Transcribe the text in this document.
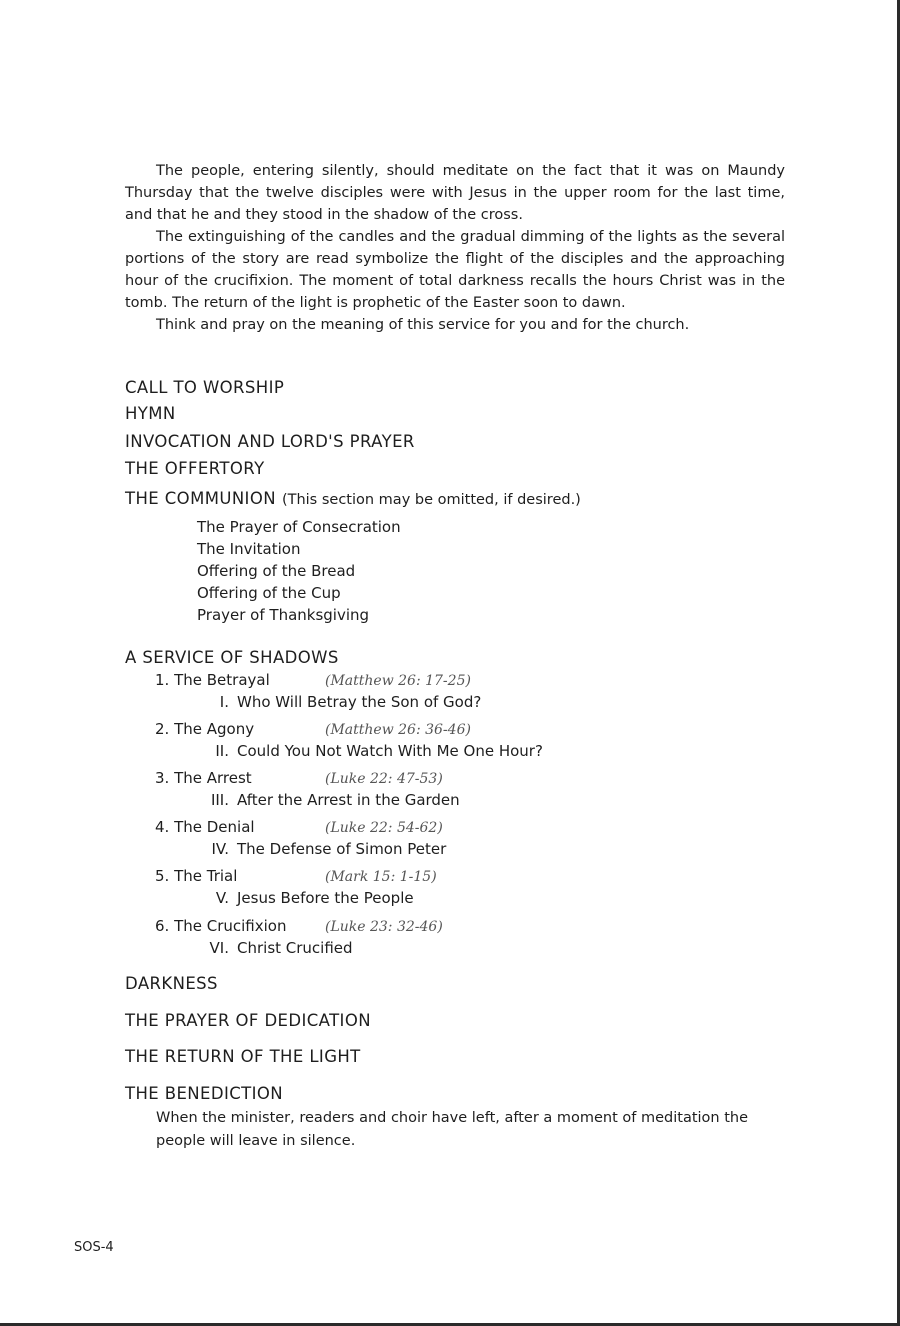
The people, entering silently, should meditate on the fact that it was on Maundy Thursday that the twelve disciples were with Jesus in the upper room for the last time, and that he and they stood in the shadow of the cross.

The extinguishing of the candles and the gradual dimming of the lights as the several portions of the story are read symbolize the flight of the disciples and the approaching hour of the crucifixion. The moment of total darkness recalls the hours Christ was in the tomb. The return of the light is prophetic of the Easter soon to dawn.

Think and pray on the meaning of this service for you and for the church.

CALL TO WORSHIP
HYMN
INVOCATION AND LORD'S PRAYER
THE OFFERTORY
THE COMMUNION (This section may be omitted, if desired.)
The Prayer of Consecration
The Invitation
Offering of the Bread
Offering of the Cup
Prayer of Thanksgiving
A SERVICE OF SHADOWS
1. The Betrayal	(Matthew 26: 17-25)
I. Who Will Betray the Son of God?
2. The Agony	(Matthew 26: 36-46)
II. Could You Not Watch With Me One Hour?
3. The Arrest	(Luke 22: 47-53)
III. After the Arrest in the Garden
4. The Denial	(Luke 22: 54-62)
IV. The Defense of Simon Peter
5. The Trial	(Mark 15: 1-15)
V. Jesus Before the People
6. The Crucifixion	(Luke 23: 32-46)
VI. Christ Crucified
DARKNESS
THE PRAYER OF DEDICATION
THE RETURN OF THE LIGHT
THE BENEDICTION

When the minister, readers and choir have left, after a moment of meditation the people will leave in silence.

SOS-4
